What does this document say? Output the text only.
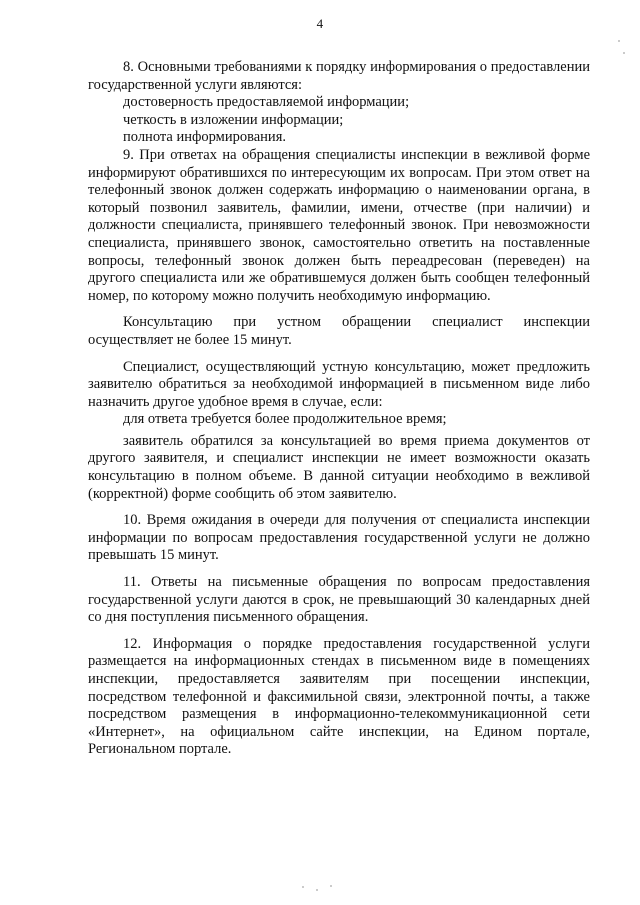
4

8. Основными требованиями к порядку информирования о предоставлении государственной услуги являются:

достоверность предоставляемой информации;

четкость в изложении информации;

полнота информирования.

9. При ответах на обращения специалисты инспекции в вежливой форме информируют обратившихся по интересующим их вопросам. При этом ответ на телефонный звонок должен содержать информацию о наименовании органа, в который позвонил заявитель, фамилии, имени, отчестве (при наличии) и должности специалиста, принявшего телефонный звонок. При невозможности специалиста, принявшего звонок, самостоятельно ответить на поставленные вопросы, телефонный звонок должен быть переадресован (переведен) на другого специалиста или же обратившемуся должен быть сообщен телефонный номер, по которому можно получить необходимую информацию.

Консультацию при устном обращении специалист инспекции осуществляет не более 15 минут.

Специалист, осуществляющий устную консультацию, может предложить заявителю обратиться за необходимой информацией в письменном виде либо назначить другое удобное время в случае, если:

для ответа требуется более продолжительное время;

заявитель обратился за консультацией во время приема документов от другого заявителя, и специалист инспекции не имеет возможности оказать консультацию в полном объеме. В данной ситуации необходимо в вежливой (корректной) форме сообщить об этом заявителю.

10. Время ожидания в очереди для получения от специалиста инспекции информации по вопросам предоставления государственной услуги не должно превышать 15 минут.

11. Ответы на письменные обращения по вопросам предоставления государственной услуги даются в срок, не превышающий 30 календарных дней со дня поступления письменного обращения.

12. Информация о порядке предоставления государственной услуги размещается на информационных стендах в письменном виде в помещениях инспекции, предоставляется заявителям при посещении инспекции, посредством телефонной и факсимильной связи, электронной почты, а также посредством размещения в информационно-телекоммуникационной сети «Интернет», на официальном сайте инспекции, на Едином портале, Региональном портале.
